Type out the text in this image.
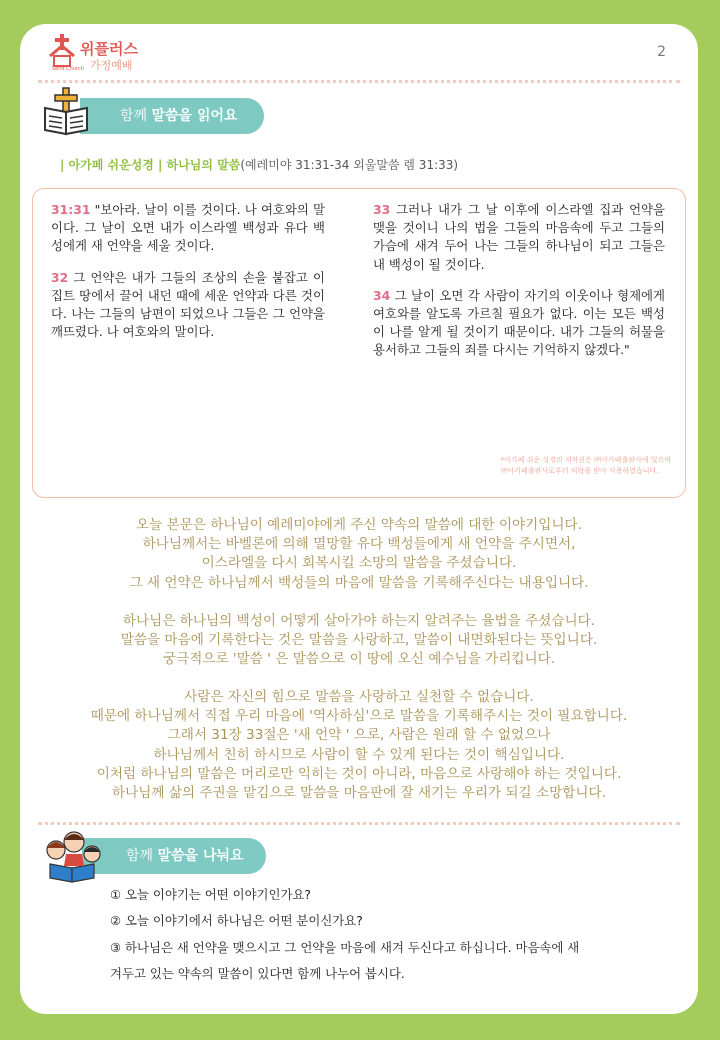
위플러스
가정예배
Send Church
2
함께 말씀을 읽어요
| 아가페 쉬운성경 | 하나님의 말씀(예레미야 31:31-34 외울말씀 렘 31:33)

31:31 "보아라. 날이 이를 것이다. 나 여호와의 말이다. 그 날이 오면 내가 이스라엘 백성과 유다 백성에게 새 언약을 세울 것이다.

32 그 언약은 내가 그들의 조상의 손을 붙잡고 이집트 땅에서 끌어 내던 때에 세운 언약과 다른 것이다. 나는 그들의 남편이 되었으나 그들은 그 언약을 깨뜨렸다. 나 여호와의 말이다.

33 그러나 내가 그 날 이후에 이스라엘 집과 언약을 맺을 것이니 나의 법을 그들의 마음속에 두고 그들의 가슴에 새겨 두어 나는 그들의 하나님이 되고 그들은 내 백성이 될 것이다.

34 그 날이 오면 각 사람이 자기의 이웃이나 형제에게 여호와를 알도록 가르칠 필요가 없다. 이는 모든 백성이 나를 알게 될 것이기 때문이다. 내가 그들의 허물을 용서하고 그들의 죄를 다시는 기억하지 않겠다."

*아가페 쉬운 성경의 저작권은 ㈜아가페출판사에 있으며
㈜아가페출판사로부터 허락을 받아 사용하였습니다.
오늘 본문은 하나님이 예레미야에게 주신 약속의 말씀에 대한 이야기입니다.
하나님께서는 바벨론에 의해 멸망할 유다 백성들에게 새 언약을 주시면서,
이스라엘을 다시 회복시킬 소망의 말씀을 주셨습니다.
그 새 언약은 하나님께서 백성들의 마음에 말씀을 기록해주신다는 내용입니다.
하나님은 하나님의 백성이 어떻게 살아가야 하는지 알려주는 율법을 주셨습니다.
말씀을 마음에 기록한다는 것은 말씀을 사랑하고, 말씀이 내면화된다는 뜻입니다.
궁극적으로 '말씀 ' 은 말씀으로 이 땅에 오신 예수님을 가리킵니다.
사람은 자신의 힘으로 말씀을 사랑하고 실천할 수 없습니다.
때문에 하나님께서 직접 우리 마음에 '역사하심'으로 말씀을 기록해주시는 것이 필요합니다.
그래서 31장 33절은 '새 언약 ' 으로, 사람은 원래 할 수 없었으나
하나님께서 친히 하시므로 사람이 할 수 있게 된다는 것이 핵심입니다.
이처럼 하나님의 말씀은 머리로만 익히는 것이 아니라, 마음으로 사랑해야 하는 것입니다.
하나님께 삶의 주권을 맡김으로 말씀을 마음판에 잘 새기는 우리가 되길 소망합니다.
함께 말씀을 나눠요
① 오늘 이야기는 어떤 이야기인가요?
② 오늘 이야기에서 하나님은 어떤 분이신가요?
③ 하나님은 새 언약을 맺으시고 그 언약을 마음에 새겨 두신다고 하십니다. 마음속에 새
겨두고 있는 약속의 말씀이 있다면 함께 나누어 봅시다.
